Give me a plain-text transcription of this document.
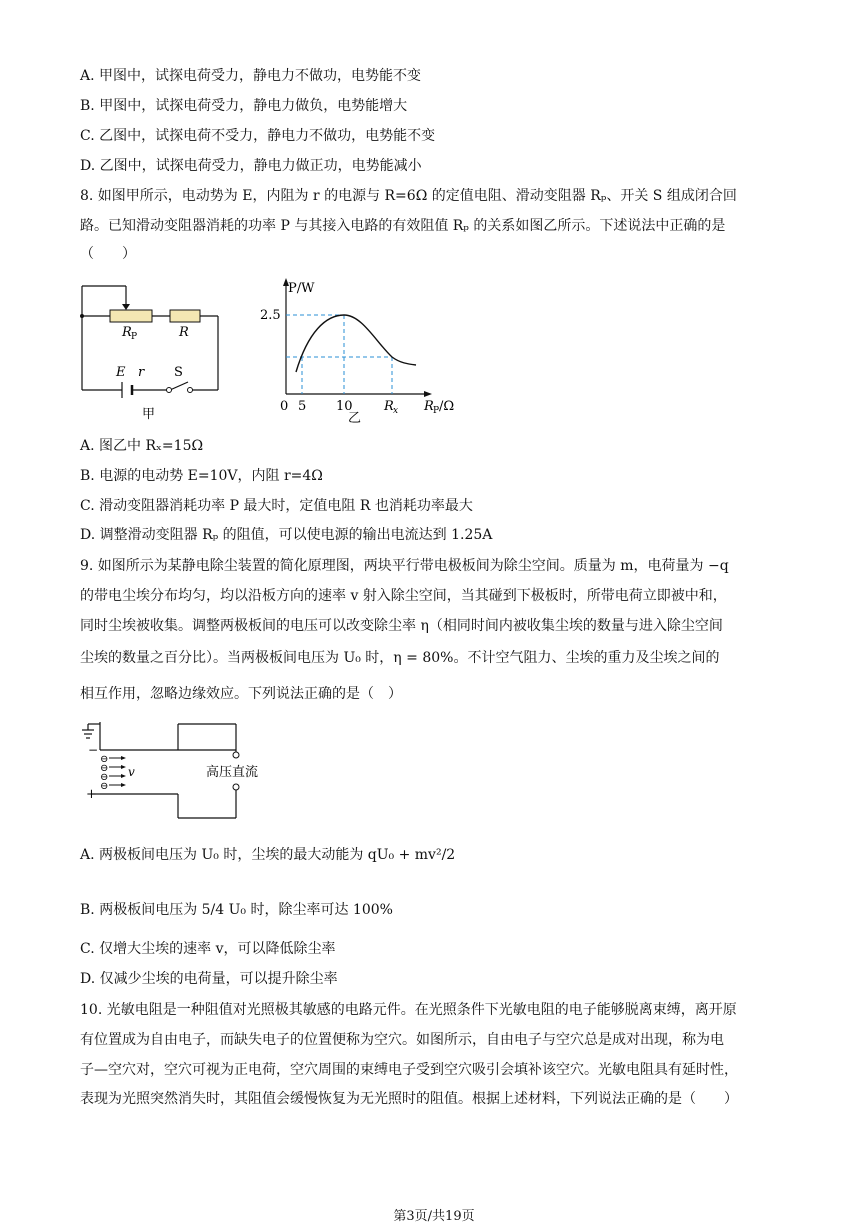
A. 甲图中，试探电荷受力，静电力不做功，电势能不变
B. 甲图中，试探电荷受力，静电力做负，电势能增大
C. 乙图中，试探电荷不受力，静电力不做功，电势能不变
D. 乙图中，试探电荷受力，静电力做正功，电势能减小
8. 如图甲所示，电动势为 E，内阻为 r 的电源与 R=6Ω 的定值电阻、滑动变阻器 Rₚ、开关 S 组成闭合回
路。已知滑动变阻器消耗的功率 P 与其接入电路的有效阻值 Rₚ 的关系如图乙所示。下述说法中正确的是
（　　）
R P	R
E r S
甲
P/W
2.5
0 5 10 R x R P /Ω
乙
A. 图乙中 Rₓ=15Ω
B. 电源的电动势 E=10V，内阻 r=4Ω
C. 滑动变阻器消耗功率 P 最大时，定值电阻 R 也消耗功率最大
D. 调整滑动变阻器 Rₚ 的阻值，可以使电源的输出电流达到 1.25A
9. 如图所示为某静电除尘装置的简化原理图，两块平行带电极板间为除尘空间。质量为 m，电荷量为 −q
的带电尘埃分布均匀，均以沿板方向的速率 v 射入除尘空间，当其碰到下极板时，所带电荷立即被中和，
同时尘埃被收集。调整两极板间的电压可以改变除尘率 η（相同时间内被收集尘埃的数量与进入除尘空间
尘埃的数量之百分比）。当两极板间电压为 U₀ 时，η = 80%。不计空气阻力、尘埃的重力及尘埃之间的
相互作用，忽略边缘效应。下列说法正确的是（　）
⊖
⊖
⊖
⊖
−
+
v	高压直流
A. 两极板间电压为 U₀ 时，尘埃的最大动能为 qU₀ + mv²/2
B. 两极板间电压为 5/4 U₀ 时，除尘率可达 100%
C. 仅增大尘埃的速率 v，可以降低除尘率
D. 仅减少尘埃的电荷量，可以提升除尘率
10. 光敏电阻是一种阻值对光照极其敏感的电路元件。在光照条件下光敏电阻的电子能够脱离束缚，离开原
有位置成为自由电子，而缺失电子的位置便称为空穴。如图所示，自由电子与空穴总是成对出现，称为电
子—空穴对，空穴可视为正电荷，空穴周围的束缚电子受到空穴吸引会填补该空穴。光敏电阻具有延时性，
表现为光照突然消失时，其阻值会缓慢恢复为无光照时的阻值。根据上述材料，下列说法正确的是（　　）
第3页/共19页
